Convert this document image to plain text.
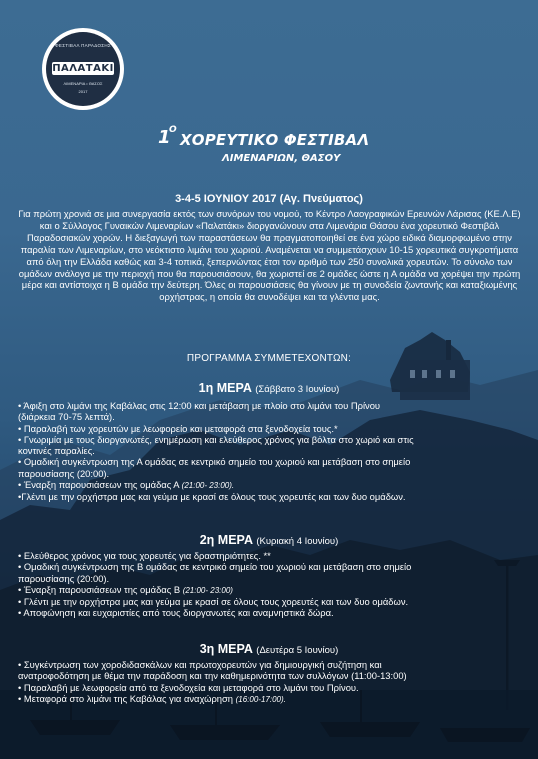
ΦΕΣΤΙΒΑΛ ΠΑΡΑΔΟΣΗΣ
ΠΑΛΑΤΑΚΙ
ΛΙΜΕΝΑΡΙΑ • ΘΑΣΟΣ
2017
1
Ο
ΧΟΡΕΥΤΙΚΟ ΦΕΣΤΙΒΑΛ
ΛΙΜΕΝΑΡΙΩΝ, ΘΑΣΟΥ
3-4-5 ΙΟΥΝΙΟΥ 2017 (Αγ. Πνεύματος)

Για πρώτη χρονιά σε μια συνεργασία εκτός των συνόρων του νομού, το Κέντρο Λαογραφικών Ερευνών Λάρισας (ΚΕ.Λ.Ε) και ο Σύλλογος Γυναικών Λιμεναρίων «Παλατάκι» διοργανώνουν στα Λιμενάρια Θάσου ένα χορευτικό Φεστιβάλ Παραδοσιακών χορών. Η διεξαγωγή των παραστάσεων θα πραγματοποιηθεί σε ένα χώρο ειδικά διαμορφωμένο στην παραλία των Λιμεναρίων, στο νεόκτιστο λιμάνι του χωριού. Αναμένεται να συμμετάσχουν 10-15 χορευτικά συγκροτήματα από όλη την Ελλάδα καθώς και 3-4 τοπικά, ξεπερνώντας έτσι τον αριθμό των 250 συνολικά χορευτών. Το σύνολο των ομάδων ανάλογα με την περιοχή που θα παρουσιάσουν, θα χωριστεί σε 2 ομάδες ώστε η Α ομάδα να χορέψει την πρώτη μέρα και αντίστοιχα η Β ομάδα την δεύτερη. Όλες οι παρουσιάσεις θα γίνουν με τη συνοδεία ζωντανής και καταξιωμένης ορχήστρας, η οποία θα συνοδέψει και τα γλέντια μας.

ΠΡΟΓΡΑΜΜΑ ΣΥΜΜΕΤΕΧΟΝΤΩΝ:
1η ΜΕΡΑ (Σάββατο 3 Ιουνίου)
• Άφιξη στο λιμάνι της Καβάλας στις 12:00 και μετάβαση με πλοίο στο λιμάνι του Πρίνου
(διάρκεια 70-75 λεπτά).
• Παραλαβή των χορευτών με λεωφορείο και μεταφορά στα ξενοδοχεία τους.*
• Γνωριμία με τους διοργανωτές, ενημέρωση και ελεύθερος χρόνος για βόλτα στο χωριό και στις
κοντινές παραλίες.
• Ομαδική συγκέντρωση της Α ομάδας σε κεντρικό σημείο του χωριού και μετάβαση στο σημείο
παρουσίασης (20:00).
• Έναρξη παρουσιάσεων της ομάδας Α (21:00- 23:00).
•Γλέντι με την ορχήστρα μας και γεύμα με κρασί σε όλους τους χορευτές και των δυο ομάδων.
2η ΜΕΡΑ (Κυριακή 4 Ιουνίου)
• Ελεύθερος χρόνος για τους χορευτές για δραστηριότητες. **
• Ομαδική συγκέντρωση της Β ομάδας σε κεντρικό σημείο του χωριού και μετάβαση στο σημείο
παρουσίασης (20:00).
• Έναρξη παρουσιάσεων της ομάδας Β (21:00- 23:00)
• Γλέντι με την ορχήστρα μας και γεύμα με κρασί σε όλους τους χορευτές και των δυο ομάδων.
• Αποφώνηση και ευχαριστίες από τους διοργανωτές και αναμνηστικά δώρα.
3η ΜΕΡΑ (Δευτέρα 5 Ιουνίου)
• Συγκέντρωση των χοροδιδασκάλων και πρωτοχορευτών για δημιουργική συζήτηση και
ανατροφοδότηση με θέμα την παράδοση και την καθημερινότητα των συλλόγων (11:00-13:00)
• Παραλαβή με λεωφορεία από τα ξενοδοχεία και μεταφορά στο λιμάνι του Πρίνου.
• Μεταφορά στο λιμάνι της Καβάλας για αναχώρηση (16:00-17:00).
